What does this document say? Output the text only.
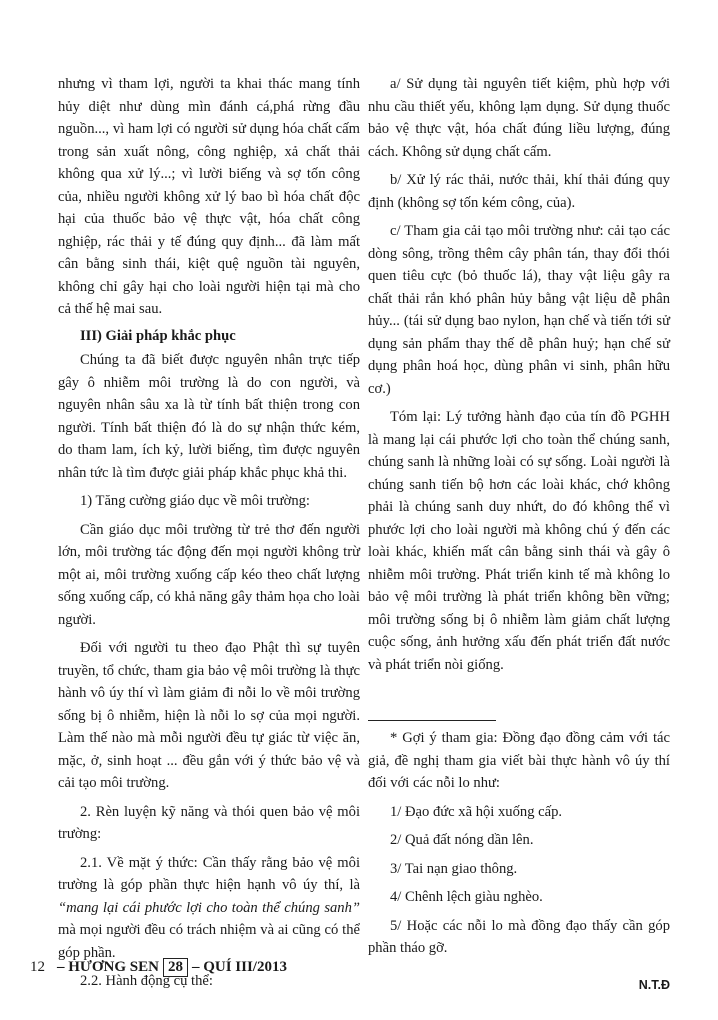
nhưng vì tham lợi, người ta khai thác mang tính hủy diệt như dùng mìn đánh cá,phá rừng đầu nguồn..., vì ham lợi có người sử dụng hóa chất cấm trong sản xuất nông, công nghiệp, xả chất thải không qua xử lý...; vì lười biếng và sợ tốn công của, nhiều người không xử lý bao bì hóa chất độc hại của thuốc bảo vệ thực vật, hóa chất công nghiệp, rác thải y tế đúng quy định... đã làm mất cân bằng sinh thái, kiệt quệ nguồn tài nguyên, không chỉ gây hại cho loài người hiện tại mà cho cả thế hệ mai sau.

III) Giải pháp khắc phục

Chúng ta đã biết được nguyên nhân trực tiếp gây ô nhiễm môi trường là do con người, và nguyên nhân sâu xa là từ tính bất thiện trong con người. Tính bất thiện đó là do sự nhận thức kém, do tham lam, ích kỷ, lười biếng, tìm được nguyên nhân tức là tìm được giải pháp khắc phục khả thi.

1) Tăng cường giáo dục về môi trường:

Cần giáo dục môi trường từ trẻ thơ đến người lớn, môi trường tác động đến mọi người không trừ một ai, môi trường xuống cấp kéo theo chất lượng sống xuống cấp, có khả năng gây thảm họa cho loài người.

Đối với người tu theo đạo Phật thì sự tuyên truyền, tổ chức, tham gia bảo vệ môi trường là thực hành vô úy thí vì làm giảm đi nỗi lo về môi trường sống bị ô nhiễm, hiện là nỗi lo sợ của mọi người. Làm thế nào mà mỗi người đều tự giác từ việc ăn, mặc, ở, sinh hoạt ... đều gắn với ý thức bảo vệ và cải tạo môi trường.

2. Rèn luyện kỹ năng và thói quen bảo vệ môi trường:

2.1. Về mặt ý thức: Cần thấy rằng bảo vệ môi trường là góp phần thực hiện hạnh vô úy thí, là “mang lại cái phước lợi cho toàn thể chúng sanh” mà mọi người đều có trách nhiệm và ai cũng có thể góp phần.

2.2. Hành động cụ thể:

a/ Sử dụng tài nguyên tiết kiệm, phù hợp với nhu cầu thiết yếu, không lạm dụng. Sử dụng thuốc bảo vệ thực vật, hóa chất đúng liều lượng, đúng cách. Không sử dụng chất cấm.

b/ Xử lý rác thải, nước thải, khí thải đúng quy định (không sợ tốn kém công, của).

c/ Tham gia cải tạo môi trường như: cải tạo các dòng sông, trồng thêm cây phân tán, thay đổi thói quen tiêu cực (bỏ thuốc lá), thay vật liệu gây ra chất thải rắn khó phân hủy bằng vật liệu dễ phân hủy... (tái sử dụng bao nylon, hạn chế và tiến tới sử dụng sản phẩm thay thế dễ phân huỷ; hạn chế sử dụng phân hoá học, dùng phân vi sinh, phân hữu cơ.)

Tóm lại: Lý tưởng hành đạo của tín đồ PGHH là mang lại cái phước lợi cho toàn thể chúng sanh, chúng sanh là những loài có sự sống. Loài người là chúng sanh tiến bộ hơn các loài khác, chớ không phải là chúng sanh duy nhứt, do đó không thể vì phước lợi cho loài người mà không chú ý đến các loài khác, khiến mất cân bằng sinh thái và gây ô nhiễm môi trường. Phát triển kinh tế mà không lo bảo vệ môi trường là phát triển không bền vững; môi trường sống bị ô nhiễm làm giảm chất lượng cuộc sống, ảnh hưởng xấu đến phát triển đất nước và phát triển nòi giống.

* Gợi ý tham gia: Đồng đạo đồng cảm với tác giả, đề nghị tham gia viết bài thực hành vô úy thí đối với các nỗi lo như:

1/ Đạo đức xã hội xuống cấp.

2/ Quả đất nóng dần lên.

3/ Tai nạn giao thông.

4/ Chênh lệch giàu nghèo.

5/ Hoặc các nỗi lo mà đồng đạo thấy cần góp phần tháo gỡ.

N.T.Đ

12 – HƯƠNG SEN 28 – QUÍ III/2013
